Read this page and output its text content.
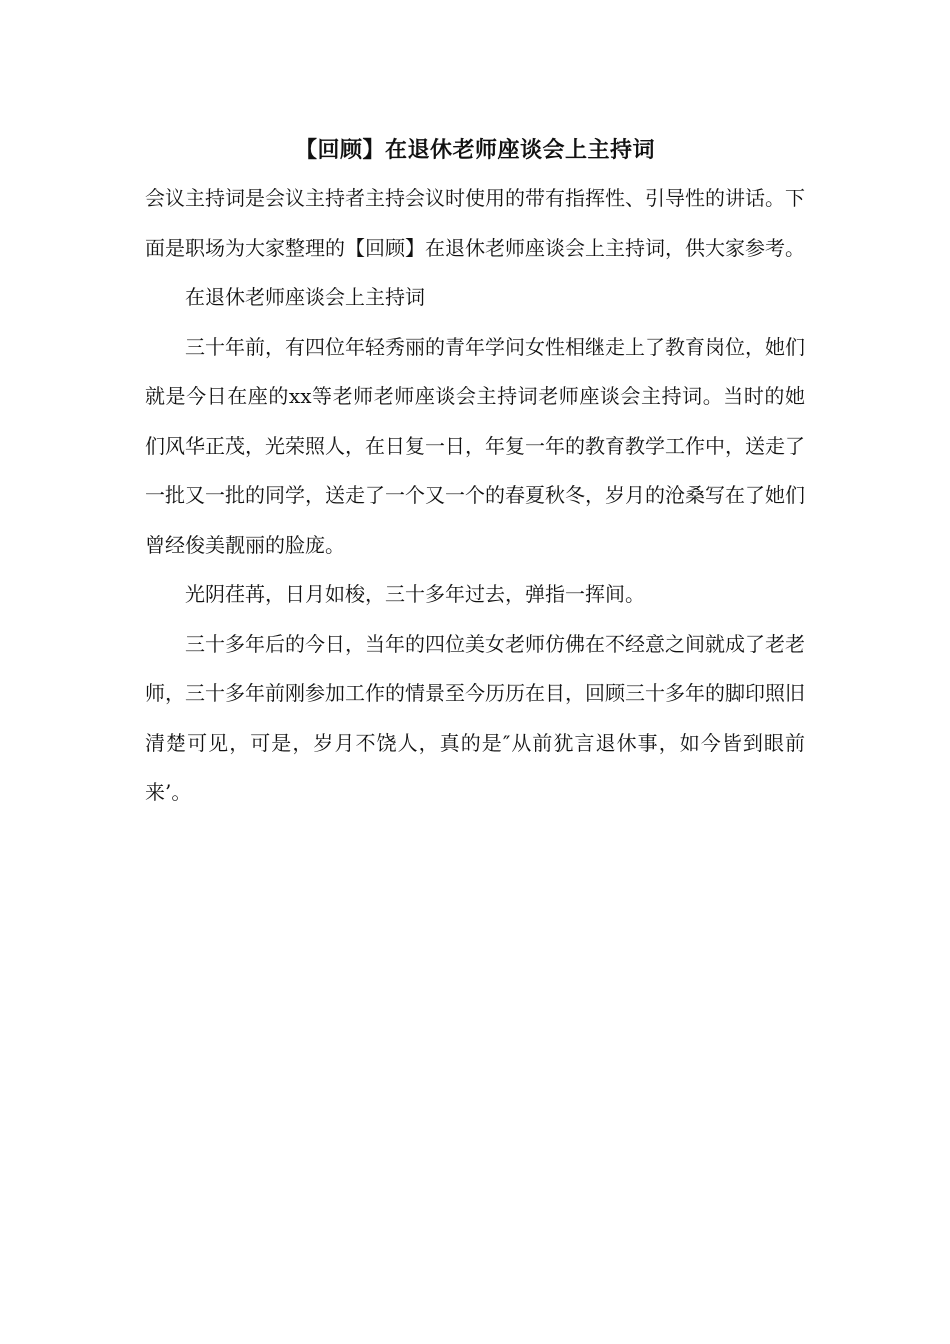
【回顾】在退休老师座谈会上主持词

会议主持词是会议主持者主持会议时使用的带有指挥性、引导性的讲话。下面是职场为大家整理的【回顾】在退休老师座谈会上主持词，供大家参考。

在退休老师座谈会上主持词

三十年前，有四位年轻秀丽的青年学问女性相继走上了教育岗位，她们就是今日在座的xx等老师老师座谈会主持词老师座谈会主持词。当时的她们风华正茂，光荣照人，在日复一日，年复一年的教育教学工作中，送走了一批又一批的同学，送走了一个又一个的春夏秋冬，岁月的沧桑写在了她们曾经俊美靓丽的脸庞。

光阴荏苒，日月如梭，三十多年过去，弹指一挥间。

三十多年后的今日，当年的四位美女老师仿佛在不经意之间就成了老老师，三十多年前刚参加工作的情景至今历历在目，回顾三十多年的脚印照旧清楚可见，可是，岁月不饶人，真的是″从前犹言退休事，如今皆到眼前来’。
